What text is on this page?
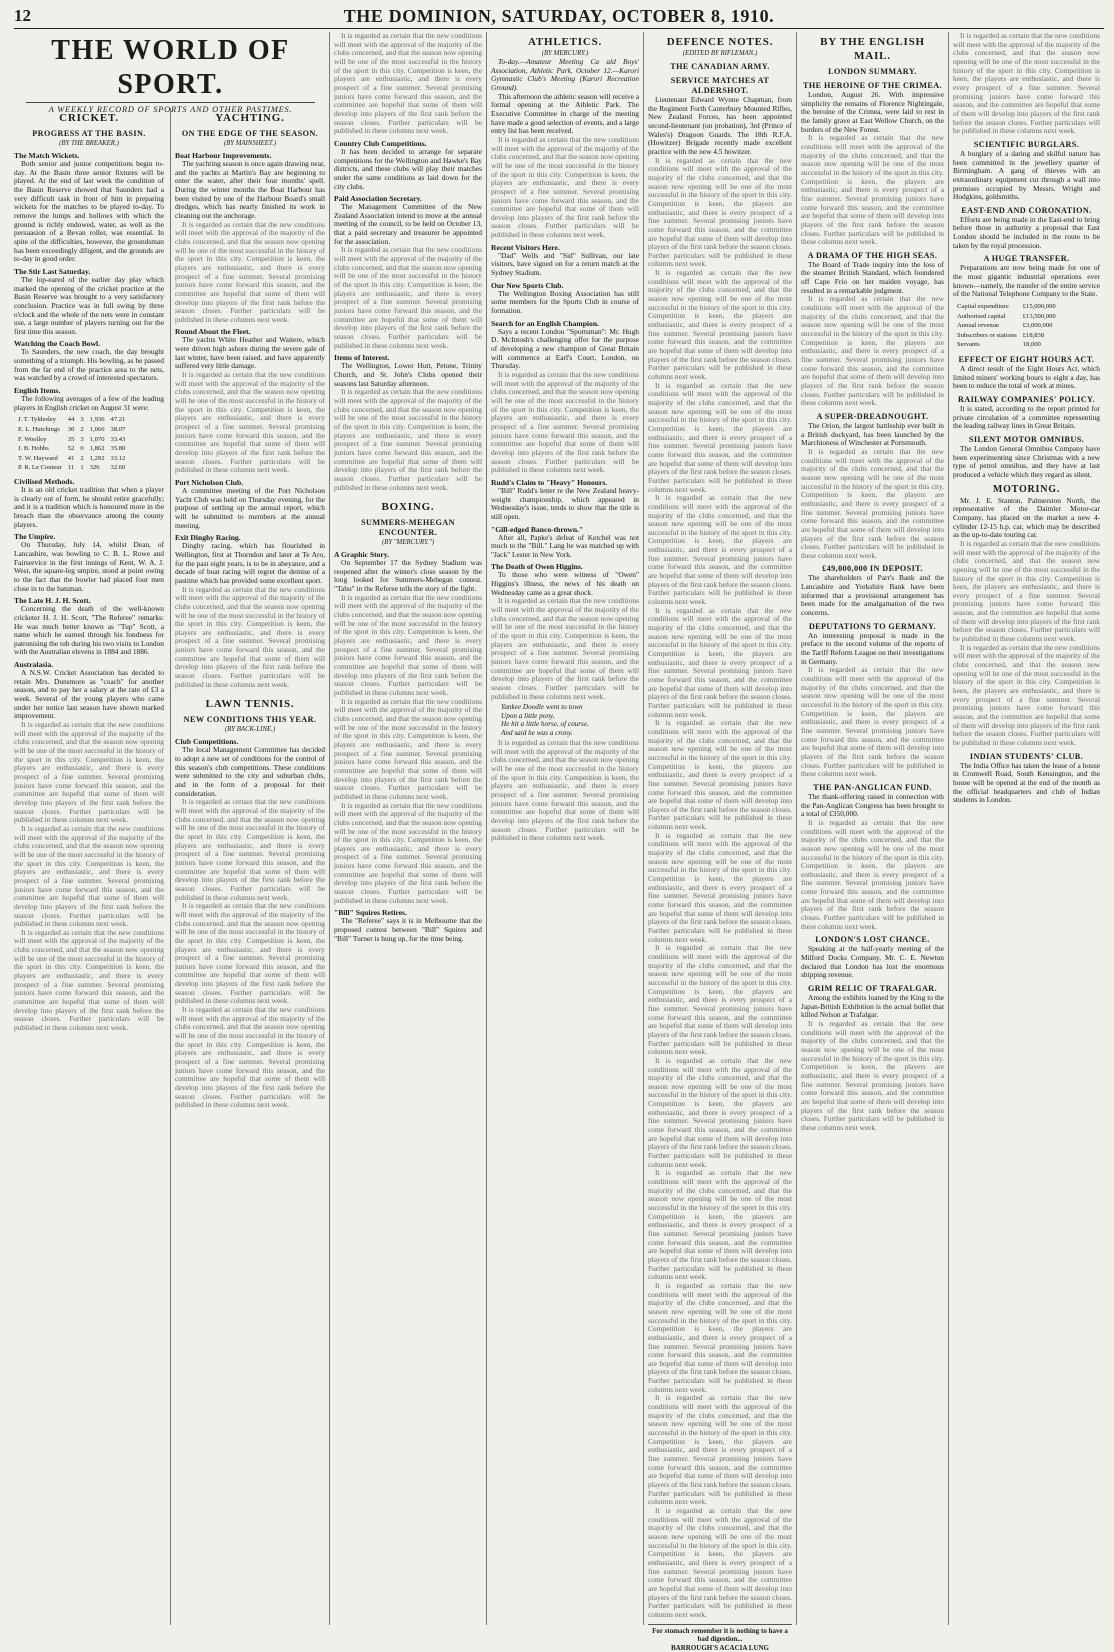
12	THE DOMINION, SATURDAY, OCTOBER 8, 1910.
THE WORLD OF SPORT.
A WEEKLY RECORD OF SPORTS AND OTHER PASTIMES.
CRICKET.
PROGRESS AT THE BASIN.
(BY THE BREAKER.)
The Match Wickets.

Both senior and junior competitions begin to-day. At the Basin three senior fixtures will be played. At the end of last week the condition of the Basin Reserve showed that Saunders had a very difficult task in front of him in preparing wickets for the matches to be played to-day. To remove the lumps and hollows with which the ground is richly endowed, water, as well as the persuasion of a Bevan roller, was essential. In spite of the difficulties, however, the groundsman has been exceedingly diligent, and the grounds are to-day in good order.

The Stir Last Saturday.

The lop-eared of the earlier day play which marked the opening of the cricket practice at the Basin Reserve was brought to a very satisfactory conclusion. Practice was in full swing by three o'clock and the whole of the nets were in constant use, a large number of players turning out for the first time this season.

Watching the Coach Bowl.

To Saunders, the new coach, the day brought something of a triumph. His bowling, as he passed from the far end of the practice area to the nets, was watched by a crowd of interested spectators.

English Items.

The following averages of a few of the leading players in English cricket on August 31 were:

J. T. Tyldesley	44	3	1,936	47.21
E. L. Hutchings	30	2	1,066	38.07
F. Woolley	35	3	1,070	33.43
J. B. Hobbs	52	0	1,862	35.80
T. W. Hayward	41	2	1,292	33.12
P. R. Le Couteur	11	1	326	32.60
Civilised Methods.

It is an old cricket tradition that when a player is clearly out of form, he should retire gracefully; and it is a tradition which is honoured more in the breach than the observance among the county players.

The Umpire.

On Thursday, July 14, whilst Dean, of Lancashire, was bowling to C. B. L. Rowe and Fairservice in the first innings of Kent, W. A. J. West, the square-leg umpire, stood at point owing to the fact that the bowler had placed four men close in to the batsman.

The Late H. J. H. Scott.

Concerning the death of the well-known cricketer H. J. H. Scott, "The Referee" remarks: He was much better known as "Tup" Scott, a name which he earned through his fondness for patronising the tub during his two visits to London with the Australian elevens in 1884 and 1886.

Australasia.

A N.S.W. Cricket Association has decided to retain Mrs. Dunsmore as "coach" for another season, and to pay her a salary at the rate of £3 a week. Several of the young players who came under her notice last season have shown marked improvement.

It is regarded as certain that the new conditions will meet with the approval of the majority of the clubs concerned, and that the season now opening will be one of the most successful in the history of the sport in this city. Competition is keen, the players are enthusiastic, and there is every prospect of a fine summer. Several promising juniors have come forward this season, and the committee are hopeful that some of them will develop into players of the first rank before the season closes. Further particulars will be published in these columns next week.

It is regarded as certain that the new conditions will meet with the approval of the majority of the clubs concerned, and that the season now opening will be one of the most successful in the history of the sport in this city. Competition is keen, the players are enthusiastic, and there is every prospect of a fine summer. Several promising juniors have come forward this season, and the committee are hopeful that some of them will develop into players of the first rank before the season closes. Further particulars will be published in these columns next week.

It is regarded as certain that the new conditions will meet with the approval of the majority of the clubs concerned, and that the season now opening will be one of the most successful in the history of the sport in this city. Competition is keen, the players are enthusiastic, and there is every prospect of a fine summer. Several promising juniors have come forward this season, and the committee are hopeful that some of them will develop into players of the first rank before the season closes. Further particulars will be published in these columns next week.

YACHTING.
ON THE EDGE OF THE SEASON.
(BY MAINSHEET.)
Boat Harbour Improvements.

The yachting season is once again drawing near, and the yachts at Martin's Bay are beginning to enter the water, after their four months' spell. During the winter months the Boat Harbour has been visited by one of the Harbour Board's small dredges, which has nearly finished its work in cleaning out the anchorage.

It is regarded as certain that the new conditions will meet with the approval of the majority of the clubs concerned, and that the season now opening will be one of the most successful in the history of the sport in this city. Competition is keen, the players are enthusiastic, and there is every prospect of a fine summer. Several promising juniors have come forward this season, and the committee are hopeful that some of them will develop into players of the first rank before the season closes. Further particulars will be published in these columns next week.

Round About the Fleet.

The yachts White Heather and Waitere, which were driven high ashore during the severe gale of last winter, have been raised, and have apparently suffered very little damage.

It is regarded as certain that the new conditions will meet with the approval of the majority of the clubs concerned, and that the season now opening will be one of the most successful in the history of the sport in this city. Competition is keen, the players are enthusiastic, and there is every prospect of a fine summer. Several promising juniors have come forward this season, and the committee are hopeful that some of them will develop into players of the first rank before the season closes. Further particulars will be published in these columns next week.

Port Nicholson Club.

A committee meeting of the Port Nicholson Yacht Club was held on Thursday evening, for the purpose of settling up the annual report, which will be submitted to members at the annual meeting.

Exit Dinghy Racing.

Dinghy racing, which has flourished in Wellington, first at Thorndon and later at Te Aro, for the past eight years, is to be in abeyance, and a decade of boat racing will regret the demise of a pastime which has provided some excellent sport.

It is regarded as certain that the new conditions will meet with the approval of the majority of the clubs concerned, and that the season now opening will be one of the most successful in the history of the sport in this city. Competition is keen, the players are enthusiastic, and there is every prospect of a fine summer. Several promising juniors have come forward this season, and the committee are hopeful that some of them will develop into players of the first rank before the season closes. Further particulars will be published in these columns next week.

LAWN TENNIS.
NEW CONDITIONS THIS YEAR.
(BY BACK-LINE.)
Club Competitions.

The local Management Committee has decided to adopt a new set of conditions for the control of this season's club competitions. These conditions were submitted to the city and suburban clubs, and in the form of a proposal for their consideration.

It is regarded as certain that the new conditions will meet with the approval of the majority of the clubs concerned, and that the season now opening will be one of the most successful in the history of the sport in this city. Competition is keen, the players are enthusiastic, and there is every prospect of a fine summer. Several promising juniors have come forward this season, and the committee are hopeful that some of them will develop into players of the first rank before the season closes. Further particulars will be published in these columns next week.

It is regarded as certain that the new conditions will meet with the approval of the majority of the clubs concerned, and that the season now opening will be one of the most successful in the history of the sport in this city. Competition is keen, the players are enthusiastic, and there is every prospect of a fine summer. Several promising juniors have come forward this season, and the committee are hopeful that some of them will develop into players of the first rank before the season closes. Further particulars will be published in these columns next week.

It is regarded as certain that the new conditions will meet with the approval of the majority of the clubs concerned, and that the season now opening will be one of the most successful in the history of the sport in this city. Competition is keen, the players are enthusiastic, and there is every prospect of a fine summer. Several promising juniors have come forward this season, and the committee are hopeful that some of them will develop into players of the first rank before the season closes. Further particulars will be published in these columns next week.

It is regarded as certain that the new conditions will meet with the approval of the majority of the clubs concerned, and that the season now opening will be one of the most successful in the history of the sport in this city. Competition is keen, the players are enthusiastic, and there is every prospect of a fine summer. Several promising juniors have come forward this season, and the committee are hopeful that some of them will develop into players of the first rank before the season closes. Further particulars will be published in these columns next week.

Country Club Competitions.

It has been decided to arrange for separate competitions for the Wellington and Hawke's Bay districts, and these clubs will play their matches under the same conditions as laid down for the city clubs.

Paid Association Secretary.

The Management Committee of the New Zealand Association intend to move at the annual meeting of the council, to be held on October 13, that a paid secretary and treasurer be appointed for the association.

It is regarded as certain that the new conditions will meet with the approval of the majority of the clubs concerned, and that the season now opening will be one of the most successful in the history of the sport in this city. Competition is keen, the players are enthusiastic, and there is every prospect of a fine summer. Several promising juniors have come forward this season, and the committee are hopeful that some of them will develop into players of the first rank before the season closes. Further particulars will be published in these columns next week.

Items of Interest.

The Wellington, Lower Hutt, Petone, Trinity Church, and St. John's Clubs opened their seasons last Saturday afternoon.

It is regarded as certain that the new conditions will meet with the approval of the majority of the clubs concerned, and that the season now opening will be one of the most successful in the history of the sport in this city. Competition is keen, the players are enthusiastic, and there is every prospect of a fine summer. Several promising juniors have come forward this season, and the committee are hopeful that some of them will develop into players of the first rank before the season closes. Further particulars will be published in these columns next week.

BOXING.
SUMMERS-MEHEGAN ENCOUNTER.
(BY "MERCURY.")
A Graphic Story.

On September 17 the Sydney Stadium was reopened after the winter's close season by the long looked for Summers-Mehegan contest. "Tahu" in the Referee tells the story of the fight.

It is regarded as certain that the new conditions will meet with the approval of the majority of the clubs concerned, and that the season now opening will be one of the most successful in the history of the sport in this city. Competition is keen, the players are enthusiastic, and there is every prospect of a fine summer. Several promising juniors have come forward this season, and the committee are hopeful that some of them will develop into players of the first rank before the season closes. Further particulars will be published in these columns next week.

It is regarded as certain that the new conditions will meet with the approval of the majority of the clubs concerned, and that the season now opening will be one of the most successful in the history of the sport in this city. Competition is keen, the players are enthusiastic, and there is every prospect of a fine summer. Several promising juniors have come forward this season, and the committee are hopeful that some of them will develop into players of the first rank before the season closes. Further particulars will be published in these columns next week.

It is regarded as certain that the new conditions will meet with the approval of the majority of the clubs concerned, and that the season now opening will be one of the most successful in the history of the sport in this city. Competition is keen, the players are enthusiastic, and there is every prospect of a fine summer. Several promising juniors have come forward this season, and the committee are hopeful that some of them will develop into players of the first rank before the season closes. Further particulars will be published in these columns next week.

"Bill" Squires Retires.

The "Referee" says it is in Melbourne that the proposed contest between "Bill" Squires and "Bill" Turner is hung up, for the time being.

ATHLETICS.
(BY MERCURY.)

To-day.—Amateur Meeting Ca ald Boys' Association, Athletic Park. October 12.—Karori Gymnastic Club's Meeting (Karori Recreation Ground).

This afternoon the athletic season will receive a formal opening at the Athletic Park. The Executive Committee in charge of the meeting have made a good selection of events, and a large entry list has been received.

It is regarded as certain that the new conditions will meet with the approval of the majority of the clubs concerned, and that the season now opening will be one of the most successful in the history of the sport in this city. Competition is keen, the players are enthusiastic, and there is every prospect of a fine summer. Several promising juniors have come forward this season, and the committee are hopeful that some of them will develop into players of the first rank before the season closes. Further particulars will be published in these columns next week.

Recent Visitors Here.

"Dad" Wells and "Sid" Sullivan, our late visitors, have signed on for a return match at the Sydney Stadium.

Our New Sports Club.

The Wellington Boxing Association has still some members for the Sports Club in course of formation.

Search for an English Champion.

Says a recent London "Sportsman": Mr. Hugh D. McIntosh's challenging offer for the purpose of developing a new champion of Great Britain will commence at Earl's Court, London, on Thursday.

It is regarded as certain that the new conditions will meet with the approval of the majority of the clubs concerned, and that the season now opening will be one of the most successful in the history of the sport in this city. Competition is keen, the players are enthusiastic, and there is every prospect of a fine summer. Several promising juniors have come forward this season, and the committee are hopeful that some of them will develop into players of the first rank before the season closes. Further particulars will be published in these columns next week.

Rudd's Claim to "Heavy" Honours.

"Bill" Rudd's letter re the New Zealand heavy-weight championship, which appeared in Wednesday's issue, tends to show that the title is still open.

"Gill-edged Banco-thrown."

After all, Papke's defeat of Ketchel was not much to the "Bill." Lang he was matched up with "Jack" Lester in New York.

The Death of Owen Higgins.

To those who were witness of "Owen" Higgins's illness, the news of his death on Wednesday came as a great shock.

It is regarded as certain that the new conditions will meet with the approval of the majority of the clubs concerned, and that the season now opening will be one of the most successful in the history of the sport in this city. Competition is keen, the players are enthusiastic, and there is every prospect of a fine summer. Several promising juniors have come forward this season, and the committee are hopeful that some of them will develop into players of the first rank before the season closes. Further particulars will be published in these columns next week.

Yankee Doodle went to town
Upon a little pony,
He hit a little horse, of course,
And said he was a crony.

It is regarded as certain that the new conditions will meet with the approval of the majority of the clubs concerned, and that the season now opening will be one of the most successful in the history of the sport in this city. Competition is keen, the players are enthusiastic, and there is every prospect of a fine summer. Several promising juniors have come forward this season, and the committee are hopeful that some of them will develop into players of the first rank before the season closes. Further particulars will be published in these columns next week.

DEFENCE NOTES.
(EDITED BY RIFLEMAN.)
THE CANADIAN ARMY.
SERVICE MATCHES AT ALDERSHOT.

Lieutenant Edward Wynne Chapman, from the Regiment Forth Canterbury Mounted Rifles, New Zealand Forces, has been appointed second-lieutenant (on probation), 3rd (Prince of Wales's) Dragoon Guards. The 18th R.F.A. (Howitzer) Brigade recently made excellent practice with the new 4.5 howitzer.

It is regarded as certain that the new conditions will meet with the approval of the majority of the clubs concerned, and that the season now opening will be one of the most successful in the history of the sport in this city. Competition is keen, the players are enthusiastic, and there is every prospect of a fine summer. Several promising juniors have come forward this season, and the committee are hopeful that some of them will develop into players of the first rank before the season closes. Further particulars will be published in these columns next week.

It is regarded as certain that the new conditions will meet with the approval of the majority of the clubs concerned, and that the season now opening will be one of the most successful in the history of the sport in this city. Competition is keen, the players are enthusiastic, and there is every prospect of a fine summer. Several promising juniors have come forward this season, and the committee are hopeful that some of them will develop into players of the first rank before the season closes. Further particulars will be published in these columns next week.

It is regarded as certain that the new conditions will meet with the approval of the majority of the clubs concerned, and that the season now opening will be one of the most successful in the history of the sport in this city. Competition is keen, the players are enthusiastic, and there is every prospect of a fine summer. Several promising juniors have come forward this season, and the committee are hopeful that some of them will develop into players of the first rank before the season closes. Further particulars will be published in these columns next week.

It is regarded as certain that the new conditions will meet with the approval of the majority of the clubs concerned, and that the season now opening will be one of the most successful in the history of the sport in this city. Competition is keen, the players are enthusiastic, and there is every prospect of a fine summer. Several promising juniors have come forward this season, and the committee are hopeful that some of them will develop into players of the first rank before the season closes. Further particulars will be published in these columns next week.

It is regarded as certain that the new conditions will meet with the approval of the majority of the clubs concerned, and that the season now opening will be one of the most successful in the history of the sport in this city. Competition is keen, the players are enthusiastic, and there is every prospect of a fine summer. Several promising juniors have come forward this season, and the committee are hopeful that some of them will develop into players of the first rank before the season closes. Further particulars will be published in these columns next week.

It is regarded as certain that the new conditions will meet with the approval of the majority of the clubs concerned, and that the season now opening will be one of the most successful in the history of the sport in this city. Competition is keen, the players are enthusiastic, and there is every prospect of a fine summer. Several promising juniors have come forward this season, and the committee are hopeful that some of them will develop into players of the first rank before the season closes. Further particulars will be published in these columns next week.

It is regarded as certain that the new conditions will meet with the approval of the majority of the clubs concerned, and that the season now opening will be one of the most successful in the history of the sport in this city. Competition is keen, the players are enthusiastic, and there is every prospect of a fine summer. Several promising juniors have come forward this season, and the committee are hopeful that some of them will develop into players of the first rank before the season closes. Further particulars will be published in these columns next week.

It is regarded as certain that the new conditions will meet with the approval of the majority of the clubs concerned, and that the season now opening will be one of the most successful in the history of the sport in this city. Competition is keen, the players are enthusiastic, and there is every prospect of a fine summer. Several promising juniors have come forward this season, and the committee are hopeful that some of them will develop into players of the first rank before the season closes. Further particulars will be published in these columns next week.

It is regarded as certain that the new conditions will meet with the approval of the majority of the clubs concerned, and that the season now opening will be one of the most successful in the history of the sport in this city. Competition is keen, the players are enthusiastic, and there is every prospect of a fine summer. Several promising juniors have come forward this season, and the committee are hopeful that some of them will develop into players of the first rank before the season closes. Further particulars will be published in these columns next week.

It is regarded as certain that the new conditions will meet with the approval of the majority of the clubs concerned, and that the season now opening will be one of the most successful in the history of the sport in this city. Competition is keen, the players are enthusiastic, and there is every prospect of a fine summer. Several promising juniors have come forward this season, and the committee are hopeful that some of them will develop into players of the first rank before the season closes. Further particulars will be published in these columns next week.

It is regarded as certain that the new conditions will meet with the approval of the majority of the clubs concerned, and that the season now opening will be one of the most successful in the history of the sport in this city. Competition is keen, the players are enthusiastic, and there is every prospect of a fine summer. Several promising juniors have come forward this season, and the committee are hopeful that some of them will develop into players of the first rank before the season closes. Further particulars will be published in these columns next week.

It is regarded as certain that the new conditions will meet with the approval of the majority of the clubs concerned, and that the season now opening will be one of the most successful in the history of the sport in this city. Competition is keen, the players are enthusiastic, and there is every prospect of a fine summer. Several promising juniors have come forward this season, and the committee are hopeful that some of them will develop into players of the first rank before the season closes. Further particulars will be published in these columns next week.

It is regarded as certain that the new conditions will meet with the approval of the majority of the clubs concerned, and that the season now opening will be one of the most successful in the history of the sport in this city. Competition is keen, the players are enthusiastic, and there is every prospect of a fine summer. Several promising juniors have come forward this season, and the committee are hopeful that some of them will develop into players of the first rank before the season closes. Further particulars will be published in these columns next week.

For stomach remember it is nothing to have a bad digestion...
BARROUGH'S ACACIA LUNG
BY THE ENGLISH MAIL.
LONDON SUMMARY.
THE HEROINE OF THE CRIMEA.

London, August 26. With impressive simplicity the remains of Florence Nightingale, the heroine of the Crimea, were laid to rest in the family grave at East Wellow Church, on the borders of the New Forest.

It is regarded as certain that the new conditions will meet with the approval of the majority of the clubs concerned, and that the season now opening will be one of the most successful in the history of the sport in this city. Competition is keen, the players are enthusiastic, and there is every prospect of a fine summer. Several promising juniors have come forward this season, and the committee are hopeful that some of them will develop into players of the first rank before the season closes. Further particulars will be published in these columns next week.

A DRAMA OF THE HIGH SEAS.

The Board of Trade inquiry into the loss of the steamer British Standard, which foundered off Cape Frio on her maiden voyage, has resulted in a remarkable judgment.

It is regarded as certain that the new conditions will meet with the approval of the majority of the clubs concerned, and that the season now opening will be one of the most successful in the history of the sport in this city. Competition is keen, the players are enthusiastic, and there is every prospect of a fine summer. Several promising juniors have come forward this season, and the committee are hopeful that some of them will develop into players of the first rank before the season closes. Further particulars will be published in these columns next week.

A SUPER-DREADNOUGHT.

The Orion, the largest battleship ever built in a British dockyard, has been launched by the Marchioness of Winchester at Portsmouth.

It is regarded as certain that the new conditions will meet with the approval of the majority of the clubs concerned, and that the season now opening will be one of the most successful in the history of the sport in this city. Competition is keen, the players are enthusiastic, and there is every prospect of a fine summer. Several promising juniors have come forward this season, and the committee are hopeful that some of them will develop into players of the first rank before the season closes. Further particulars will be published in these columns next week.

£49,000,000 IN DEPOSIT.

The shareholders of Parr's Bank and the Lancashire and Yorkshire Bank have been informed that a provisional arrangement has been made for the amalgamation of the two concerns.

DEPUTATIONS TO GERMANY.

An interesting proposal is made in the preface to the second volume of the reports of the Tariff Reform League on their investigations in Germany.

It is regarded as certain that the new conditions will meet with the approval of the majority of the clubs concerned, and that the season now opening will be one of the most successful in the history of the sport in this city. Competition is keen, the players are enthusiastic, and there is every prospect of a fine summer. Several promising juniors have come forward this season, and the committee are hopeful that some of them will develop into players of the first rank before the season closes. Further particulars will be published in these columns next week.

THE PAN-ANGLICAN FUND.

The thank-offering raised in connection with the Pan-Anglican Congress has been brought to a total of £350,000.

It is regarded as certain that the new conditions will meet with the approval of the majority of the clubs concerned, and that the season now opening will be one of the most successful in the history of the sport in this city. Competition is keen, the players are enthusiastic, and there is every prospect of a fine summer. Several promising juniors have come forward this season, and the committee are hopeful that some of them will develop into players of the first rank before the season closes. Further particulars will be published in these columns next week.

LONDON'S LOST CHANCE.

Speaking at the half-yearly meeting of the Milford Docks Company, Mr. C. E. Newton declared that London has lost the enormous shipping revenue.

GRIM RELIC OF TRAFALGAR.

Among the exhibits loaned by the King to the Japan-British Exhibition is the actual bullet that killed Nelson at Trafalgar.

It is regarded as certain that the new conditions will meet with the approval of the majority of the clubs concerned, and that the season now opening will be one of the most successful in the history of the sport in this city. Competition is keen, the players are enthusiastic, and there is every prospect of a fine summer. Several promising juniors have come forward this season, and the committee are hopeful that some of them will develop into players of the first rank before the season closes. Further particulars will be published in these columns next week.

It is regarded as certain that the new conditions will meet with the approval of the majority of the clubs concerned, and that the season now opening will be one of the most successful in the history of the sport in this city. Competition is keen, the players are enthusiastic, and there is every prospect of a fine summer. Several promising juniors have come forward this season, and the committee are hopeful that some of them will develop into players of the first rank before the season closes. Further particulars will be published in these columns next week.

SCIENTIFIC BURGLARS.

A burglary of a daring and skilful nature has been committed in the jewellery quarter of Birmingham. A gang of thieves with an extraordinary equipment cut through a wall into premises occupied by Messrs. Wright and Hodgkins, goldsmiths.

EAST-END AND CORONATION.

Efforts are being made in the East-end to bring before those in authority a proposal that East London should be included in the route to be taken by the royal procession.

A HUGE TRANSFER.

Preparations are now being made for one of the most gigantic industrial operations ever known—namely, the transfer of the entire service of the National Telephone Company to the State.

Capital expenditure	£15,000,000
Authorised capital	£13,500,000
Annual revenue	£3,000,000
Subscribers or stations	£18,838
Servants	18,000
EFFECT OF EIGHT HOURS ACT.

A direct result of the Eight Hours Act, which limited miners' working hours to eight a day, has been to reduce the total of work at mines.

RAILWAY COMPANIES' POLICY.

It is stated, according to the report printed for private circulation of a committee representing the leading railway lines in Great Britain.

SILENT MOTOR OMNIBUS.

The London General Omnibus Company have been experimenting since Christmas with a new type of petrol omnibus, and they have at last produced a vehicle which they regard as silent.

MOTORING.

Mr. J. E. Stanton, Palmerston North, the representative of the Daimler Motor-car Company, has placed on the market a new 4-cylinder 12-15 h.p. car, which may be described as the up-to-date touring car.

It is regarded as certain that the new conditions will meet with the approval of the majority of the clubs concerned, and that the season now opening will be one of the most successful in the history of the sport in this city. Competition is keen, the players are enthusiastic, and there is every prospect of a fine summer. Several promising juniors have come forward this season, and the committee are hopeful that some of them will develop into players of the first rank before the season closes. Further particulars will be published in these columns next week.

It is regarded as certain that the new conditions will meet with the approval of the majority of the clubs concerned, and that the season now opening will be one of the most successful in the history of the sport in this city. Competition is keen, the players are enthusiastic, and there is every prospect of a fine summer. Several promising juniors have come forward this season, and the committee are hopeful that some of them will develop into players of the first rank before the season closes. Further particulars will be published in these columns next week.

INDIAN STUDENTS' CLUB.

The India Office has taken the lease of a house in Cromwell Road, South Kensington, and the house will be opened at the end of the month as the official headquarters and club of Indian students in London.
